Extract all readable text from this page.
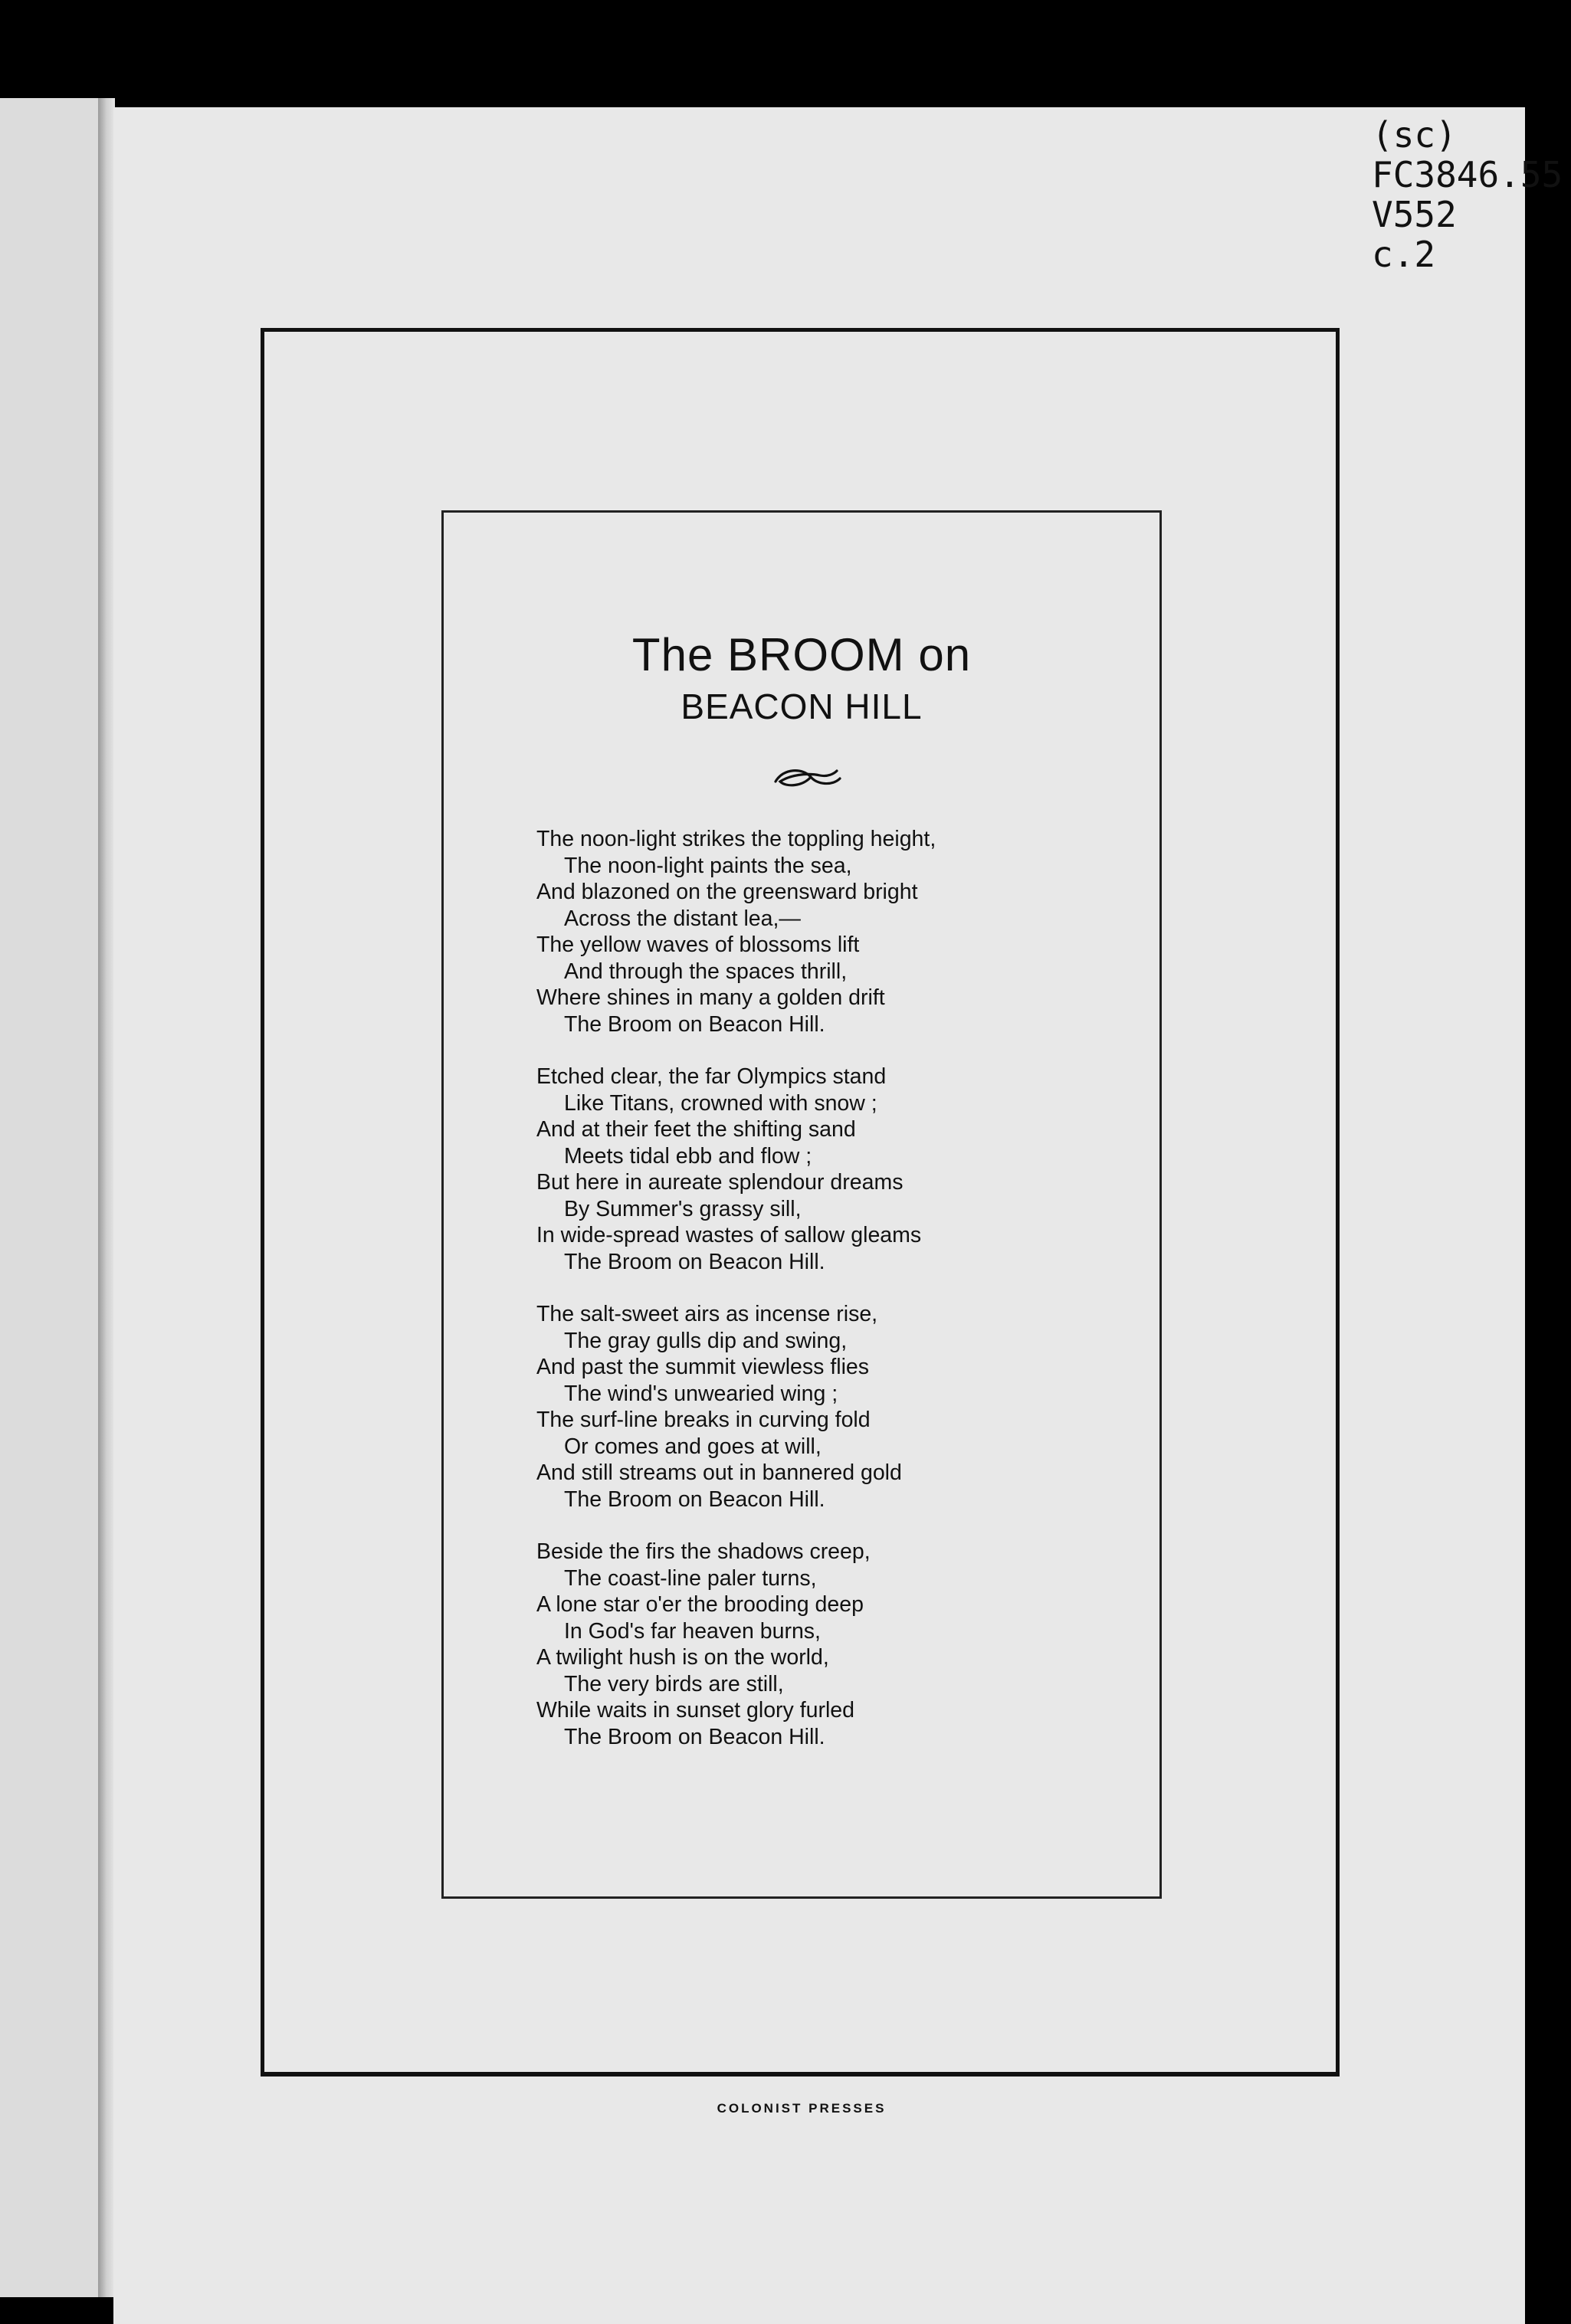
(sc)
FC3846.55
V552
c.2
The BROOM on
BEACON HILL
The noon-light strikes the toppling height,
The noon-light paints the sea,
And blazoned on the greensward bright
Across the distant lea,—
The yellow waves of blossoms lift
And through the spaces thrill,
Where shines in many a golden drift
The Broom on Beacon Hill.
Etched clear, the far Olympics stand
Like Titans, crowned with snow ;
And at their feet the shifting sand
Meets tidal ebb and flow ;
But here in aureate splendour dreams
By Summer's grassy sill,
In wide-spread wastes of sallow gleams
The Broom on Beacon Hill.
The salt-sweet airs as incense rise,
The gray gulls dip and swing,
And past the summit viewless flies
The wind's unwearied wing ;
The surf-line breaks in curving fold
Or comes and goes at will,
And still streams out in bannered gold
The Broom on Beacon Hill.
Beside the firs the shadows creep,
The coast-line paler turns,
A lone star o'er the brooding deep
In God's far heaven burns,
A twilight hush is on the world,
The very birds are still,
While waits in sunset glory furled
The Broom on Beacon Hill.
COLONIST PRESSES
